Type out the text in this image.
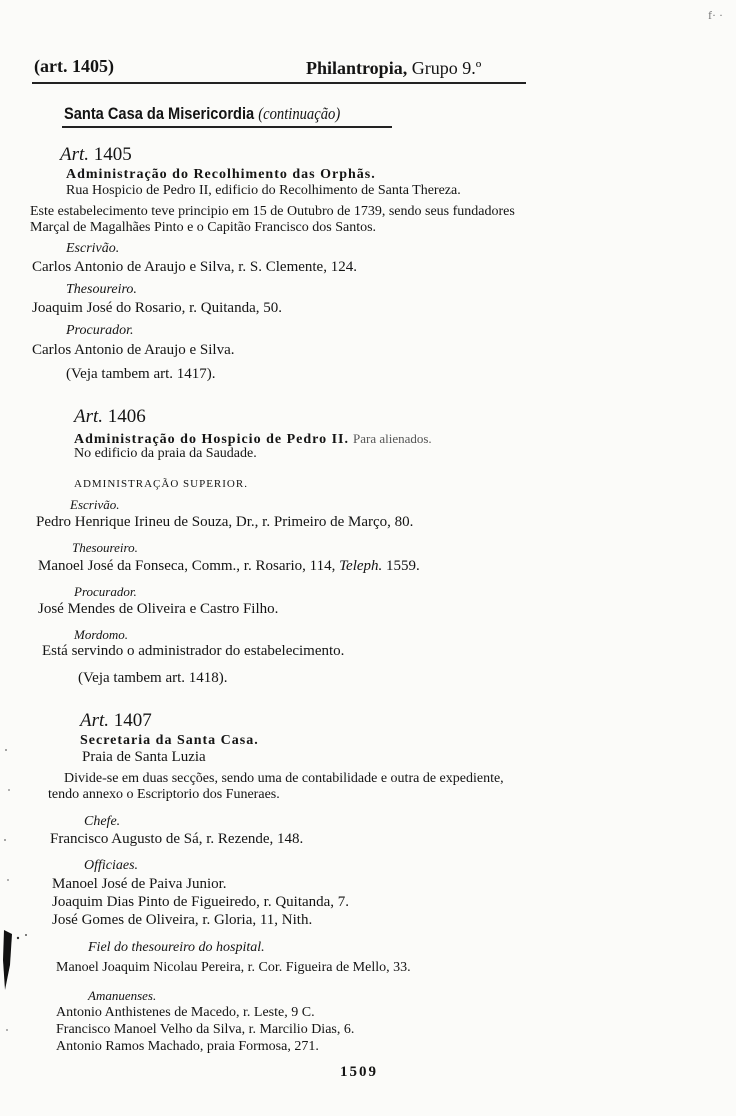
f· ·
(art. 1405)	Philantropia, Grupo 9.º
Santa Casa da Misericordia (continuação)
Art. 1405
Administração do Recolhimento das Orphãs.
Rua Hospicio de Pedro II, edificio do Recolhimento de Santa Thereza.
Este estabelecimento teve principio em 15 de Outubro de 1739, sendo seus fundadores
Marçal de Magalhães Pinto e o Capitão Francisco dos Santos.
Escrivão.
Carlos Antonio de Araujo e Silva, r. S. Clemente, 124.
Thesoureiro.
Joaquim José do Rosario, r. Quitanda, 50.
Procurador.
Carlos Antonio de Araujo e Silva.
(Veja tambem art. 1417).
Art. 1406
Administração do Hospicio de Pedro II. Para alienados.
No edificio da praia da Saudade.
ADMINISTRAÇÃO SUPERIOR.
Escrivão.
Pedro Henrique Irineu de Souza, Dr., r. Primeiro de Março, 80.
Thesoureiro.
Manoel José da Fonseca, Comm., r. Rosario, 114, Teleph. 1559.
Procurador.
José Mendes de Oliveira e Castro Filho.
Mordomo.
Está servindo o administrador do estabelecimento.
(Veja tambem art. 1418).
Art. 1407
Secretaria da Santa Casa.
Praia de Santa Luzia
Divide-se em duas secções, sendo uma de contabilidade e outra de expediente,
tendo annexo o Escriptorio dos Funeraes.
Chefe.
Francisco Augusto de Sá, r. Rezende, 148.
Officiaes.
Manoel José de Paiva Junior.
Joaquim Dias Pinto de Figueiredo, r. Quitanda, 7.
José Gomes de Oliveira, r. Gloria, 11, Nith.
Fiel do thesoureiro do hospital.
Manoel Joaquim Nicolau Pereira, r. Cor. Figueira de Mello, 33.
Amanuenses.
Antonio Anthistenes de Macedo, r. Leste, 9 C.
Francisco Manoel Velho da Silva, r. Marcilio Dias, 6.
Antonio Ramos Machado, praia Formosa, 271.
1509
